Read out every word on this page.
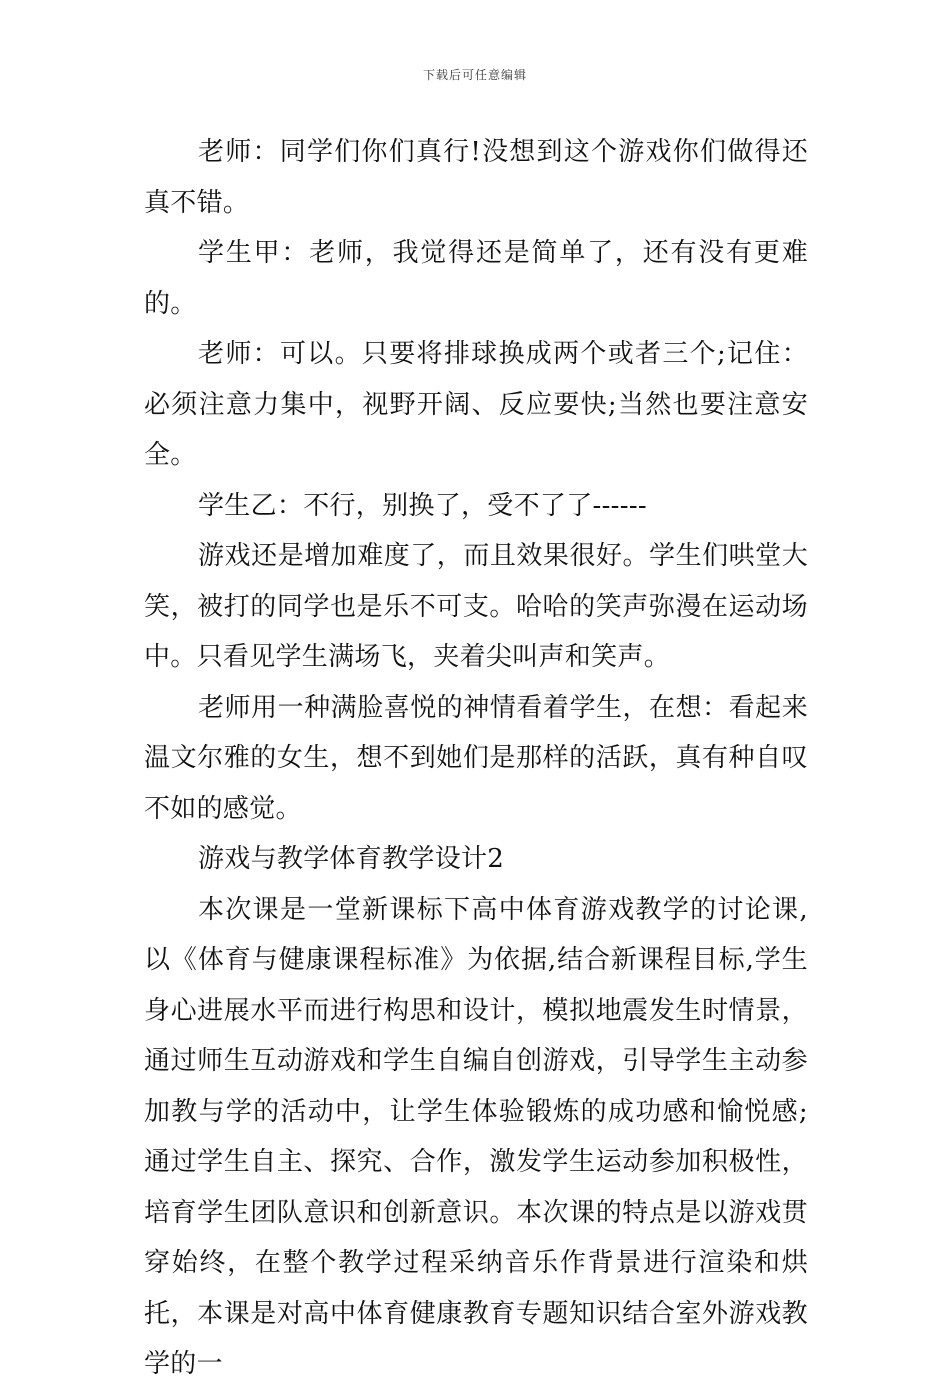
下载后可任意编辑

老师：同学们你们真行!没想到这个游戏你们做得还真不错。

学生甲：老师，我觉得还是简单了，还有没有更难的。

老师：可以。只要将排球换成两个或者三个;记住：必须注意力集中，视野开阔、反应要快;当然也要注意安全。

学生乙：不行，别换了，受不了了------

游戏还是增加难度了，而且效果很好。学生们哄堂大笑，被打的同学也是乐不可支。哈哈的笑声弥漫在运动场中。只看见学生满场飞，夹着尖叫声和笑声。

老师用一种满脸喜悦的神情看着学生，在想：看起来温文尔雅的女生，想不到她们是那样的活跃，真有种自叹不如的感觉。

游戏与教学体育教学设计2

本次课是一堂新课标下高中体育游戏教学的讨论课,以《体育与健康课程标准》为依据,结合新课程目标,学生身心进展水平而进行构思和设计，模拟地震发生时情景，通过师生互动游戏和学生自编自创游戏，引导学生主动参加教与学的活动中，让学生体验锻炼的成功感和愉悦感;通过学生自主、探究、合作，激发学生运动参加积极性，培育学生团队意识和创新意识。本次课的特点是以游戏贯穿始终，在整个教学过程采纳音乐作背景进行渲染和烘托，本课是对高中体育健康教育专题知识结合室外游戏教学的一
